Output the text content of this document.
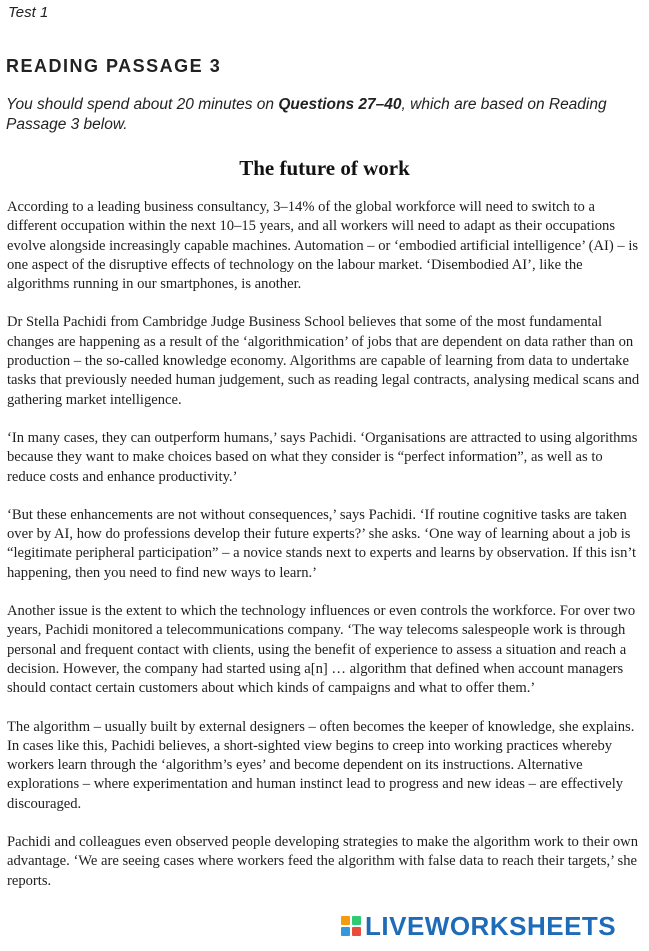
Test 1
READING PASSAGE 3
You should spend about 20 minutes on Questions 27–40, which are based on Reading Passage 3 below.
The future of work

According to a leading business consultancy, 3–14% of the global workforce will need to switch to a different occupation within the next 10–15 years, and all workers will need to adapt as their occupations evolve alongside increasingly capable machines. Automation – or ‘embodied artificial intelligence’ (AI) – is one aspect of the disruptive effects of technology on the labour market. ‘Disembodied AI’, like the algorithms running in our smartphones, is another.

Dr Stella Pachidi from Cambridge Judge Business School believes that some of the most fundamental changes are happening as a result of the ‘algorithmication’ of jobs that are dependent on data rather than on production – the so-called knowledge economy. Algorithms are capable of learning from data to undertake tasks that previously needed human judgement, such as reading legal contracts, analysing medical scans and gathering market intelligence.

‘In many cases, they can outperform humans,’ says Pachidi. ‘Organisations are attracted to using algorithms because they want to make choices based on what they consider is “perfect information”, as well as to reduce costs and enhance productivity.’

‘But these enhancements are not without consequences,’ says Pachidi. ‘If routine cognitive tasks are taken over by AI, how do professions develop their future experts?’ she asks. ‘One way of learning about a job is “legitimate peripheral participation” – a novice stands next to experts and learns by observation. If this isn’t happening, then you need to find new ways to learn.’

Another issue is the extent to which the technology influences or even controls the workforce. For over two years, Pachidi monitored a telecommunications company. ‘The way telecoms salespeople work is through personal and frequent contact with clients, using the benefit of experience to assess a situation and reach a decision. However, the company had started using a[n] … algorithm that defined when account managers should contact certain customers about which kinds of campaigns and what to offer them.’

The algorithm – usually built by external designers – often becomes the keeper of knowledge, she explains. In cases like this, Pachidi believes, a short-sighted view begins to creep into working practices whereby workers learn through the ‘algorithm’s eyes’ and become dependent on its instructions. Alternative explorations – where experimentation and human instinct lead to progress and new ideas – are effectively discouraged.

Pachidi and colleagues even observed people developing strategies to make the algorithm work to their own advantage. ‘We are seeing cases where workers feed the algorithm with false data to reach their targets,’ she reports.

LIVEWORKSHEETS
